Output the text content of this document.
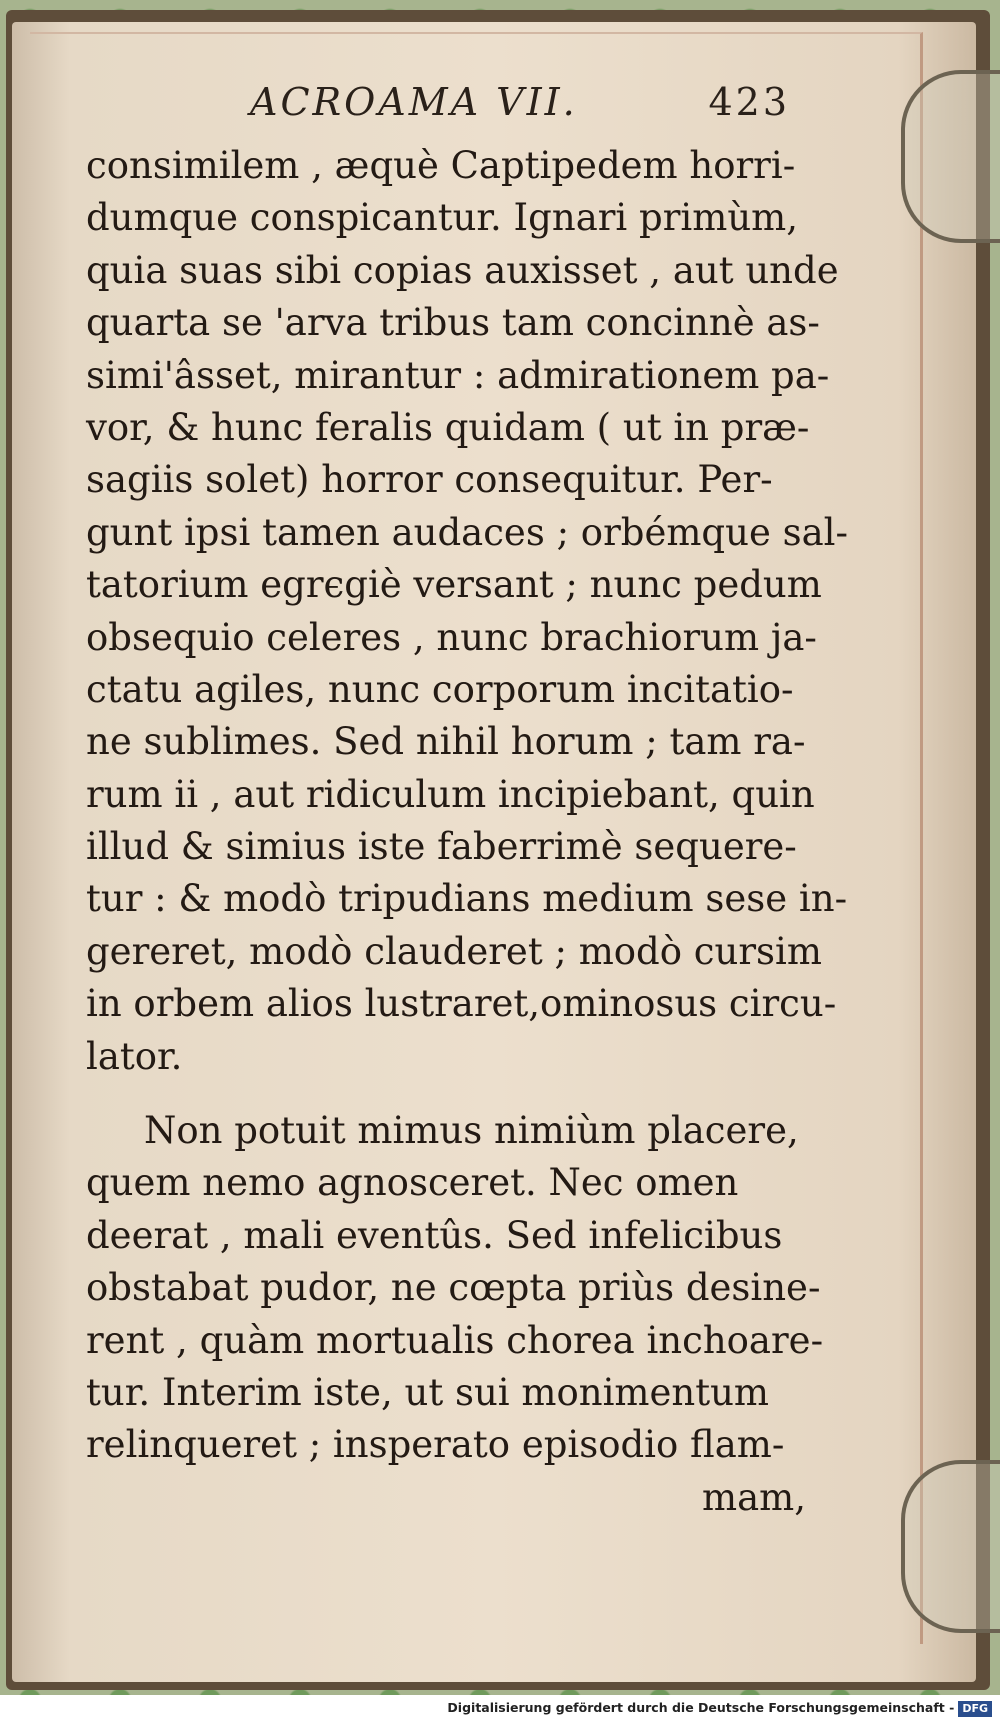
ACROAMA VII.	423
consimilem , æquè Captipedem horri-
dumque conspicantur. Ignari primùm,
quia suas sibi copias auxisset , aut unde
quarta se 'arva tribus tam concinnè as-
simi'âsset, mirantur : admirationem pa-
vor, & hunc feralis quidam ( ut in præ-
sagiis solet) horror consequitur. Per-
gunt ipsi tamen audaces ; orbémque sal-
tatorium egrϵgiè versant ; nunc pedum
obsequio celeres , nunc brachiorum ja-
ctatu agiles, nunc corporum incitatio-
ne sublimes. Sed nihil horum ; tam ra-
rum ii , aut ridiculum incipiebant, quin
illud & simius iste faberrimè sequere-
tur : & modò tripudians medium sese in-
gereret, modò clauderet ; modò cursim
in orbem alios lustraret,ominosus circu-
lator.
Non potuit mimus nimiùm placere,
quem nemo agnosceret. Nec omen
deerat , mali eventûs. Sed infelicibus
obstabat pudor, ne cœpta priùs desine-
rent , quàm mortualis chorea inchoare-
tur. Interim iste, ut sui monimentum
relinqueret ; insperato episodio flam-
mam,
Digitalisierung gefördert durch die Deutsche Forschungsgemeinschaft - DFG
